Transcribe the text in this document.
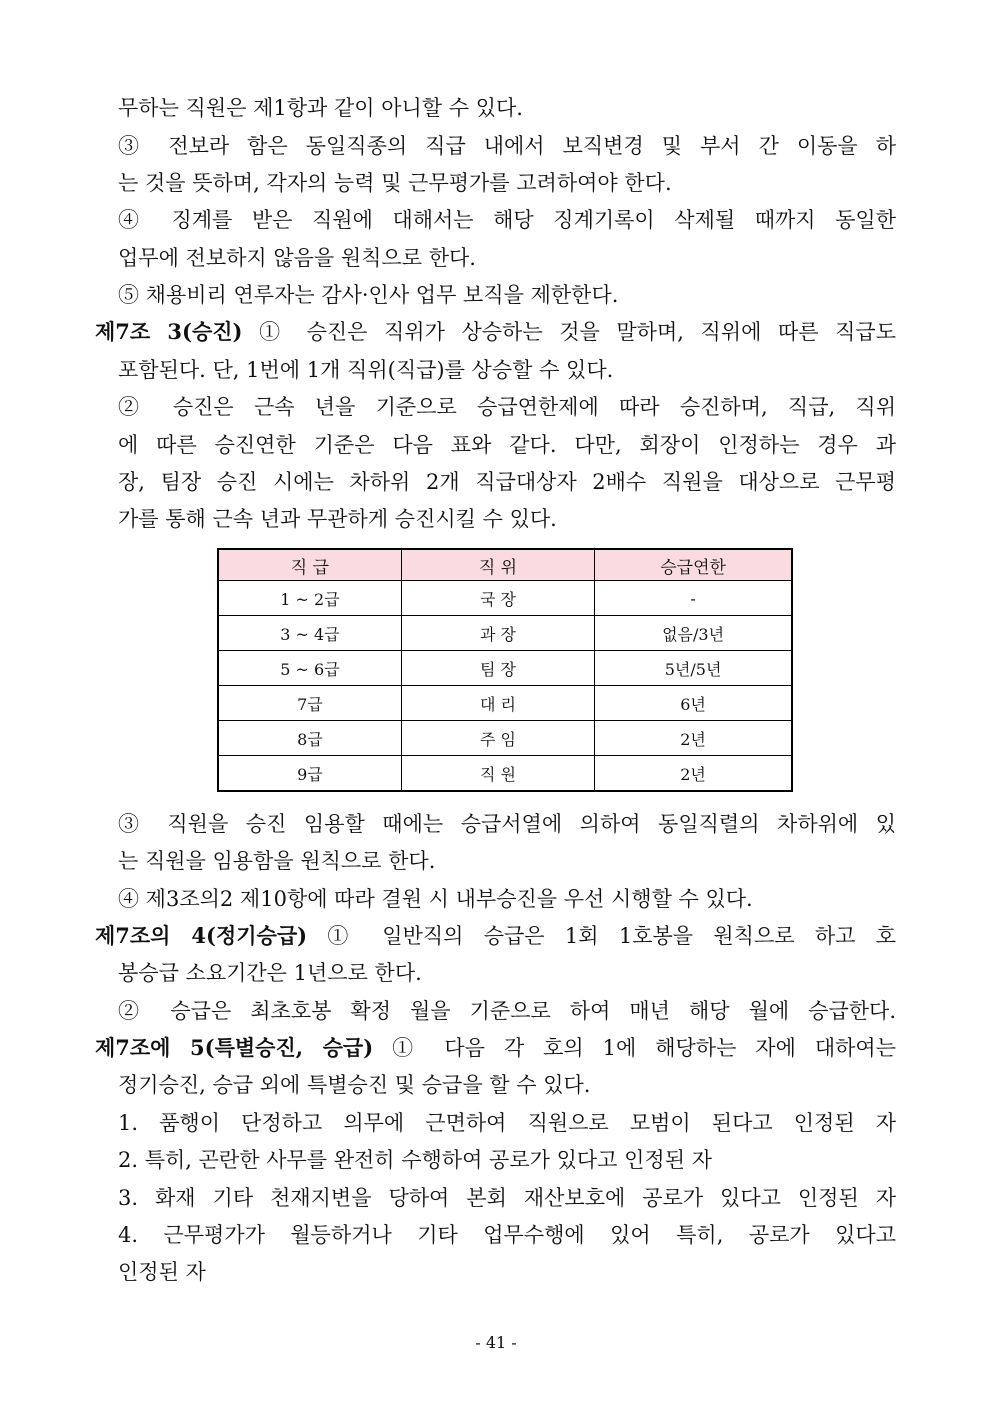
무하는 직원은 제1항과 같이 아니할 수 있다.
③ 전보라 함은 동일직종의 직급 내에서 보직변경 및 부서 간 이동을 하
는 것을 뜻하며, 각자의 능력 및 근무평가를 고려하여야 한다.
④ 징계를 받은 직원에 대해서는 해당 징계기록이 삭제될 때까지 동일한
업무에 전보하지 않음을 원칙으로 한다.
⑤ 채용비리 연루자는 감사·인사 업무 보직을 제한한다.
제7조 3(승진) ① 승진은 직위가 상승하는 것을 말하며, 직위에 따른 직급도
포함된다. 단, 1번에 1개 직위(직급)를 상승할 수 있다.
② 승진은 근속 년을 기준으로 승급연한제에 따라 승진하며, 직급, 직위
에 따른 승진연한 기준은 다음 표와 같다. 다만, 회장이 인정하는 경우 과
장, 팀장 승진 시에는 차하위 2개 직급대상자 2배수 직원을 대상으로 근무평
가를 통해 근속 년과 무관하게 승진시킬 수 있다.
직 급	직 위	승급연한
1 ~ 2급	국 장	-
3 ~ 4급	과 장	없음/3년
5 ~ 6급	팀 장	5년/5년
7급	대 리	6년
8급	주 임	2년
9급	직 원	2년
③ 직원을 승진 임용할 때에는 승급서열에 의하여 동일직렬의 차하위에 있
는 직원을 임용함을 원칙으로 한다.
④ 제3조의2 제10항에 따라 결원 시 내부승진을 우선 시행할 수 있다.
제7조의 4(정기승급) ① 일반직의 승급은 1회 1호봉을 원칙으로 하고 호
봉승급 소요기간은 1년으로 한다.
② 승급은 최초호봉 확정 월을 기준으로 하여 매년 해당 월에 승급한다.
제7조에 5(특별승진, 승급) ① 다음 각 호의 1에 해당하는 자에 대하여는
정기승진, 승급 외에 특별승진 및 승급을 할 수 있다.
1. 품행이 단정하고 의무에 근면하여 직원으로 모범이 된다고 인정된 자
2. 특히, 곤란한 사무를 완전히 수행하여 공로가 있다고 인정된 자
3. 화재 기타 천재지변을 당하여 본회 재산보호에 공로가 있다고 인정된 자
4. 근무평가가 월등하거나 기타 업무수행에 있어 특히, 공로가 있다고
인정된 자
- 41 -
